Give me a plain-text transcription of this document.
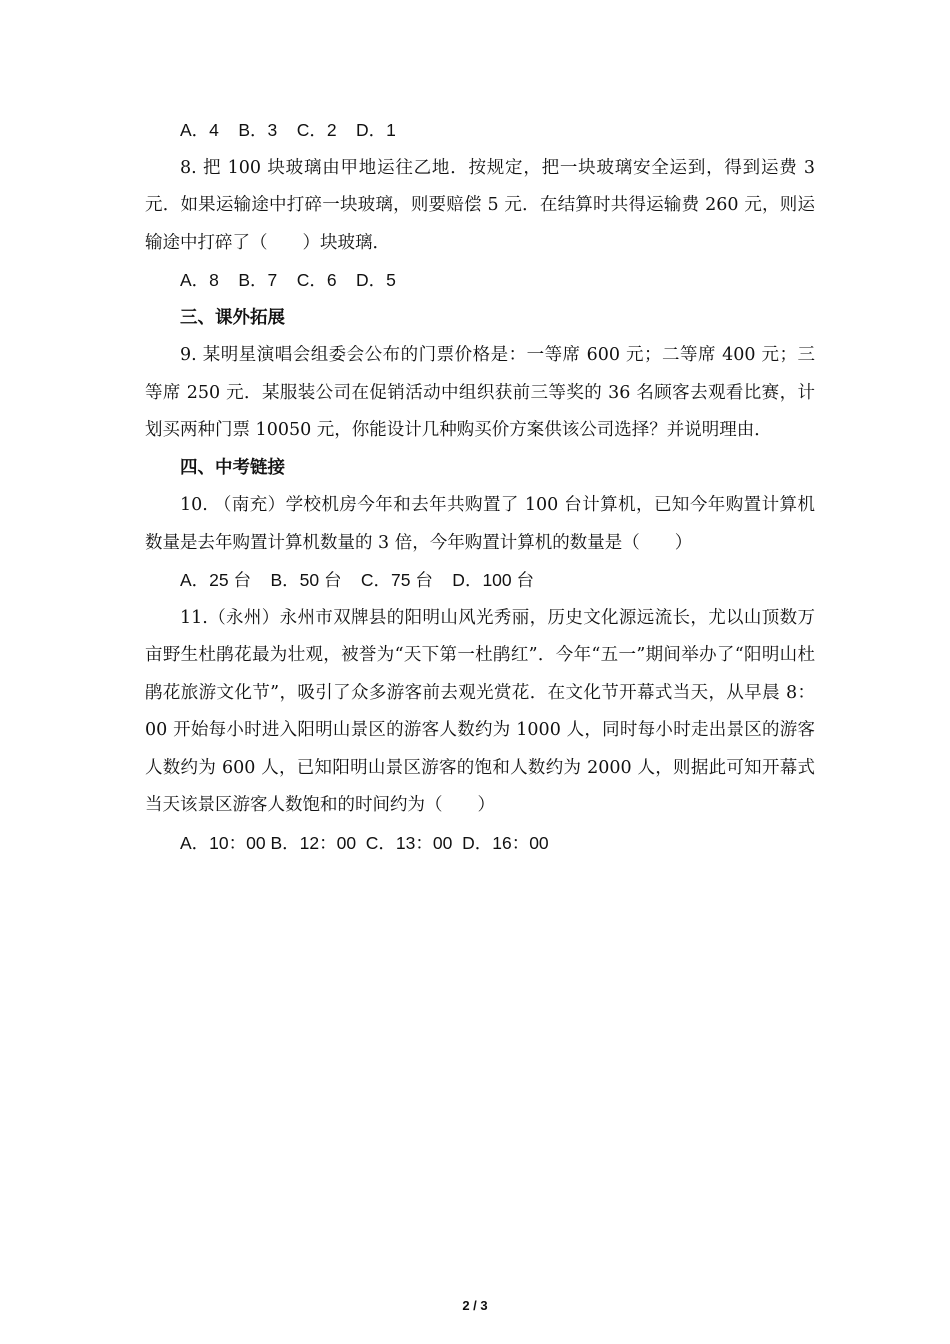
A．4    B．3    C．2    D．1

8. 把 100 块玻璃由甲地运往乙地．按规定，把一块玻璃安全运到，得到运费 3 元．如果运输途中打碎一块玻璃，则要赔偿 5 元．在结算时共得运输费 260 元，则运输途中打碎了（　　）块玻璃．

A．8    B．7    C．6    D．5

三、课外拓展

9. 某明星演唱会组委会公布的门票价格是：一等席 600 元；二等席 400 元；三等席 250 元．某服装公司在促销活动中组织获前三等奖的 36 名顾客去观看比赛，计划买两种门票 10050 元，你能设计几种购买价方案供该公司选择？并说明理由．

四、中考链接

10. （南充）学校机房今年和去年共购置了 100 台计算机，已知今年购置计算机数量是去年购置计算机数量的 3 倍，今年购置计算机的数量是（　　）

A．25 台    B．50 台    C．75 台    D．100 台

11.（永州）永州市双牌县的阳明山风光秀丽，历史文化源远流长，尤以山顶数万亩野生杜鹃花最为壮观，被誉为“天下第一杜鹃红”．今年“五一”期间举办了“阳明山杜鹃花旅游文化节”，吸引了众多游客前去观光赏花．在文化节开幕式当天，从早晨 8：00 开始每小时进入阳明山景区的游客人数约为 1000 人，同时每小时走出景区的游客人数约为 600 人，已知阳明山景区游客的饱和人数约为 2000 人，则据此可知开幕式当天该景区游客人数饱和的时间约为（　　）

A．10：00 B．12：00  C．13：00  D．16：00

2 / 3
